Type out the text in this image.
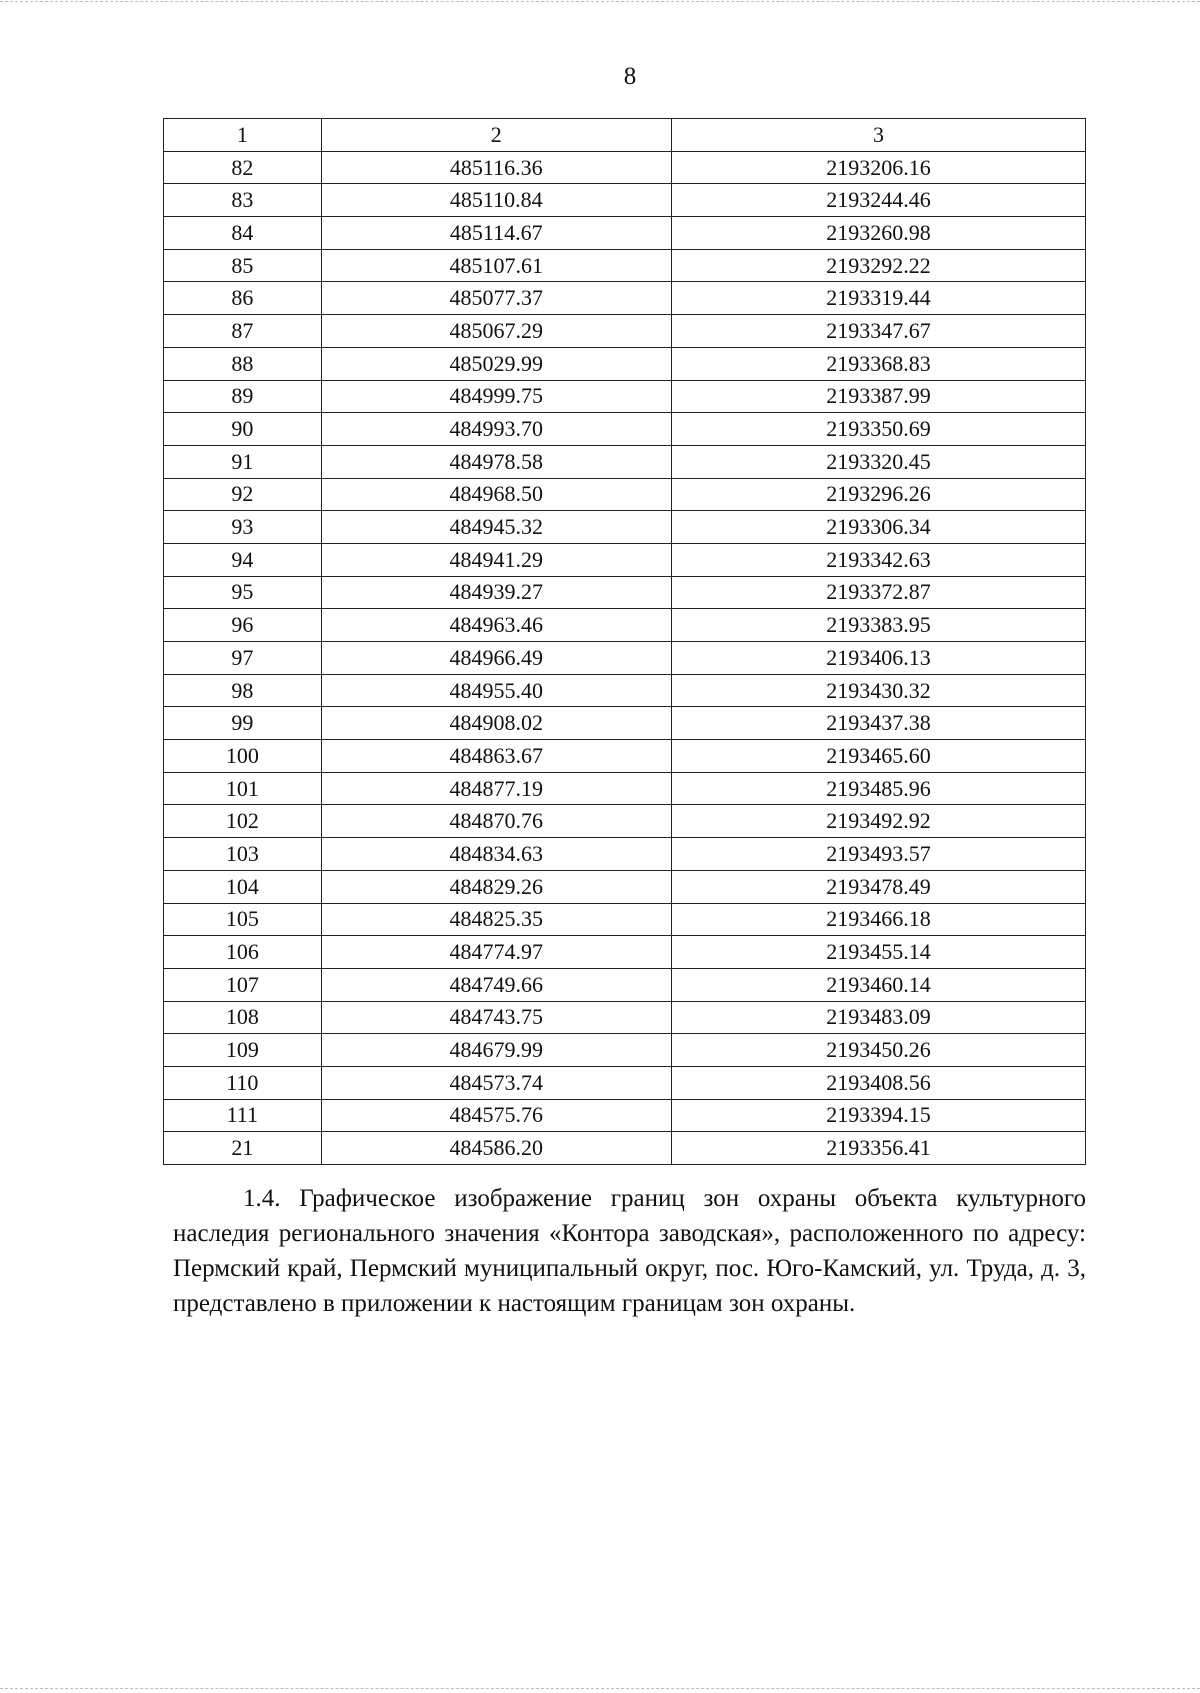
8
1	2	3
82	485116.36	2193206.16
83	485110.84	2193244.46
84	485114.67	2193260.98
85	485107.61	2193292.22
86	485077.37	2193319.44
87	485067.29	2193347.67
88	485029.99	2193368.83
89	484999.75	2193387.99
90	484993.70	2193350.69
91	484978.58	2193320.45
92	484968.50	2193296.26
93	484945.32	2193306.34
94	484941.29	2193342.63
95	484939.27	2193372.87
96	484963.46	2193383.95
97	484966.49	2193406.13
98	484955.40	2193430.32
99	484908.02	2193437.38
100	484863.67	2193465.60
101	484877.19	2193485.96
102	484870.76	2193492.92
103	484834.63	2193493.57
104	484829.26	2193478.49
105	484825.35	2193466.18
106	484774.97	2193455.14
107	484749.66	2193460.14
108	484743.75	2193483.09
109	484679.99	2193450.26
110	484573.74	2193408.56
111	484575.76	2193394.15
21	484586.20	2193356.41

1.4. Графическое изображение границ зон охраны объекта культурного наследия регионального значения «Контора заводская», расположенного по адресу: Пермский край, Пермский муниципальный округ, пос. Юго-Камский, ул. Труда, д. 3, представлено в приложении к настоящим границам зон охраны.
